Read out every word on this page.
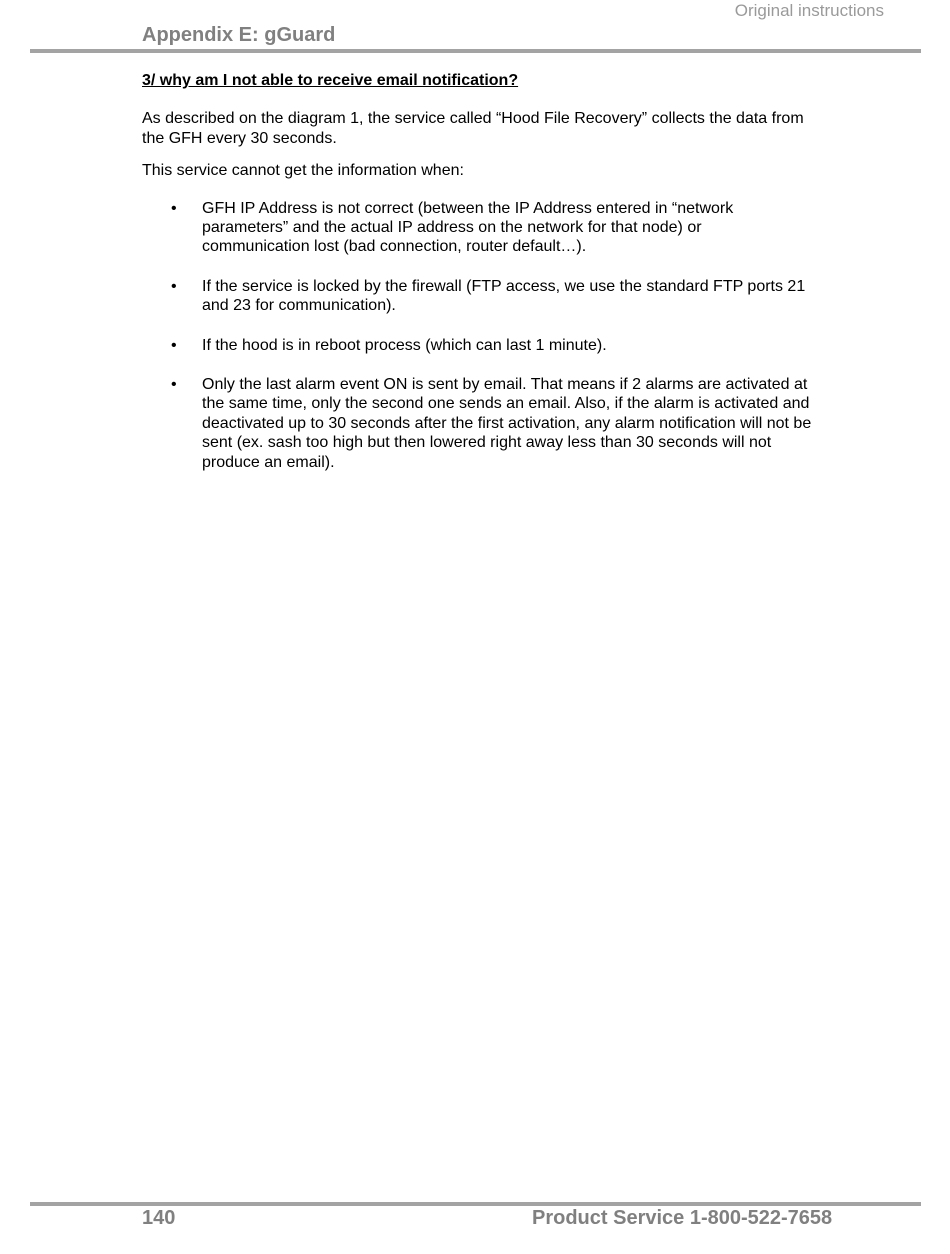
Original instructions
Appendix E: gGuard

3/ why am I not able to receive email notification?

As described on the diagram 1, the service called “Hood File Recovery” collects the data from the GFH every 30 seconds.

This service cannot get the information when:

• GFH IP Address is not correct (between the IP Address entered in “network parameters” and the actual IP address on the network for that node) or communication lost (bad connection, router default…).
• If the service is locked by the firewall (FTP access, we use the standard FTP ports 21 and 23 for communication).
• If the hood is in reboot process (which can last 1 minute).
• Only the last alarm event ON is sent by email. That means if 2 alarms are activated at the same time, only the second one sends an email. Also, if the alarm is activated and deactivated up to 30 seconds after the first activation, any alarm notification will not be sent (ex. sash too high but then lowered right away less than 30 seconds will not produce an email).
140	Product Service 1-800-522-7658
